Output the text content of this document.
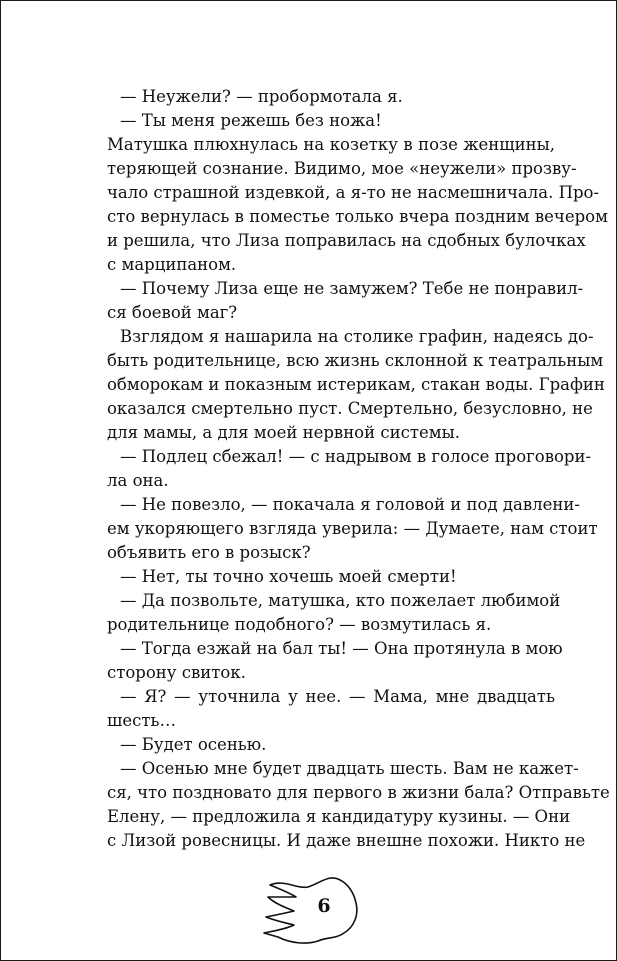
— Неужели? — пробормотала я.
— Ты меня режешь без ножа!
Матушка плюхнулась на козетку в позе женщины,
теряющей сознание. Видимо, мое «неужели» прозву-
чало страшной издевкой, а я-то не насмешничала. Про-
сто вернулась в поместье только вчера поздним вечером
и решила, что Лиза поправилась на сдобных булочках
с марципаном.
— Почему Лиза еще не замужем? Тебе не понравил-
ся боевой маг?
Взглядом я нашарила на столике графин, надеясь до-
быть родительнице, всю жизнь склонной к театральным
обморокам и показным истерикам, стакан воды. Графин
оказался смертельно пуст. Смертельно, безусловно, не
для мамы, а для моей нервной системы.
— Подлец сбежал! — с надрывом в голосе проговори-
ла она.
— Не повезло, — покачала я головой и под давлени-
ем укоряющего взгляда уверила: — Думаете, нам стоит
объявить его в розыск?
— Нет, ты точно хочешь моей смерти!
— Да позвольте, матушка, кто пожелает любимой
родительнице подобного? — возмутилась я.
— Тогда езжай на бал ты! — Она протянула в мою
сторону свиток.
— Я? — уточнила у нее. — Мама, мне двадцать
шесть…
— Будет осенью.
— Осенью мне будет двадцать шесть. Вам не кажет-
ся, что поздновато для первого в жизни бала? Отправьте
Елену, — предложила я кандидатуру кузины. — Они
с Лизой ровесницы. И даже внешне похожи. Никто не
6
